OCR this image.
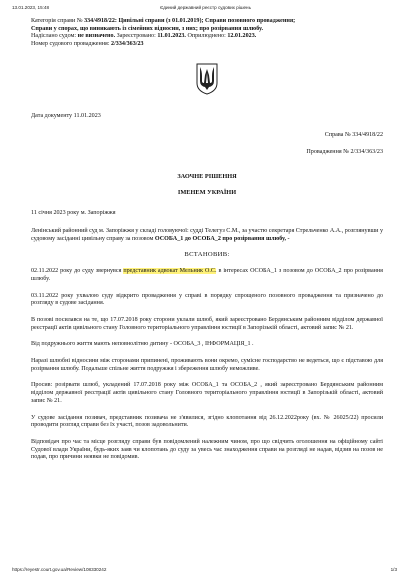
13.01.2023, 15:48	Єдиний державний реєстр судових рішень
Категорія справи № 334/4918/22: Цивільні справи (з 01.01.2019); Справи позовного провадження;
Справи у спорах, що виникають із сімейних відносин, з них; про розірвання шлюбу.
Надіслано судом: не визначено. Зареєстровано: 11.01.2023. Оприлюднено: 12.01.2023.
Номер судового провадження: 2/334/363/23
Дата документу 11.01.2023
Справа № 334/4918/22
Провадження № 2/334/363/23
ЗАОЧНЕ РІШЕННЯ
ІМЕНЕМ УКРАЇНИ
11 січня 2023 року м. Запоріжжя
Ленінський районний суд м. Запоріжжя у складі головуючої: судді Телегуз С.М., за участю секретаря Стрельченко А.А., розглянувши у судовому засіданні цивільну справу за позовом ОСОБА_1 до ОСОБА_2 про розірвання шлюбу, -
ВСТАНОВИВ:
02.11.2022 року до суду звернувся представник адвокат Мельник О.С. в інтересах ОСОБА_1 з позовом до ОСОБА_2 про розірвання шлюбу.
03.11.2022 року ухвалою суду відкрито провадження у справі в порядку спрощеного позовного провадження та призначено до розгляду в судове засідання.
В позові посилався на те, що 17.07.2018 року сторони уклали шлюб, який зареєстровано Бердянським районним відділом державної реєстрації актів цивільного стану Головного територіального управління юстиції в Запорізькій області, актовий запис № 21.
Від подружнього життя мають неповнолітню дитину - ОСОБА_3 , ІНФОРМАЦІЯ_1 .
Наразі шлюбні відносини між сторонами припинені, проживають вони окремо, сумісне господарство не ведеться, що є підставою для розірвання шлюбу. Подальше спільне життя подружжя і збереження шлюбу неможливе.
Просив: розірвати шлюб, укладений 17.07.2018 року між ОСОБА_1 та ОСОБА_2 , який зареєстровано Бердянським районним відділом державної реєстрації актів цивільного стану Головного територіального управління юстиції в Запорізькій області, актовий запис № 21.
У судове засідання позивач, представник позивача не з'явилися, згідно клопотання від 26.12.2022року (вх. № 26025/22) просили проводити розгляд справи без їх участі, позов задовольнити.
Відповідач про час та місце розгляду справи був повідомлений належним чином, про що свідчить оголошення на офіційному сайті Судової влади України, будь-яких заяв чи клопотань до суду за увесь час знаходження справи на розгляді не надав, відзив на позов не подав, про причини неявки не повідомив.
https://reyestr.court.gov.ua/Review/108330242	1/3
